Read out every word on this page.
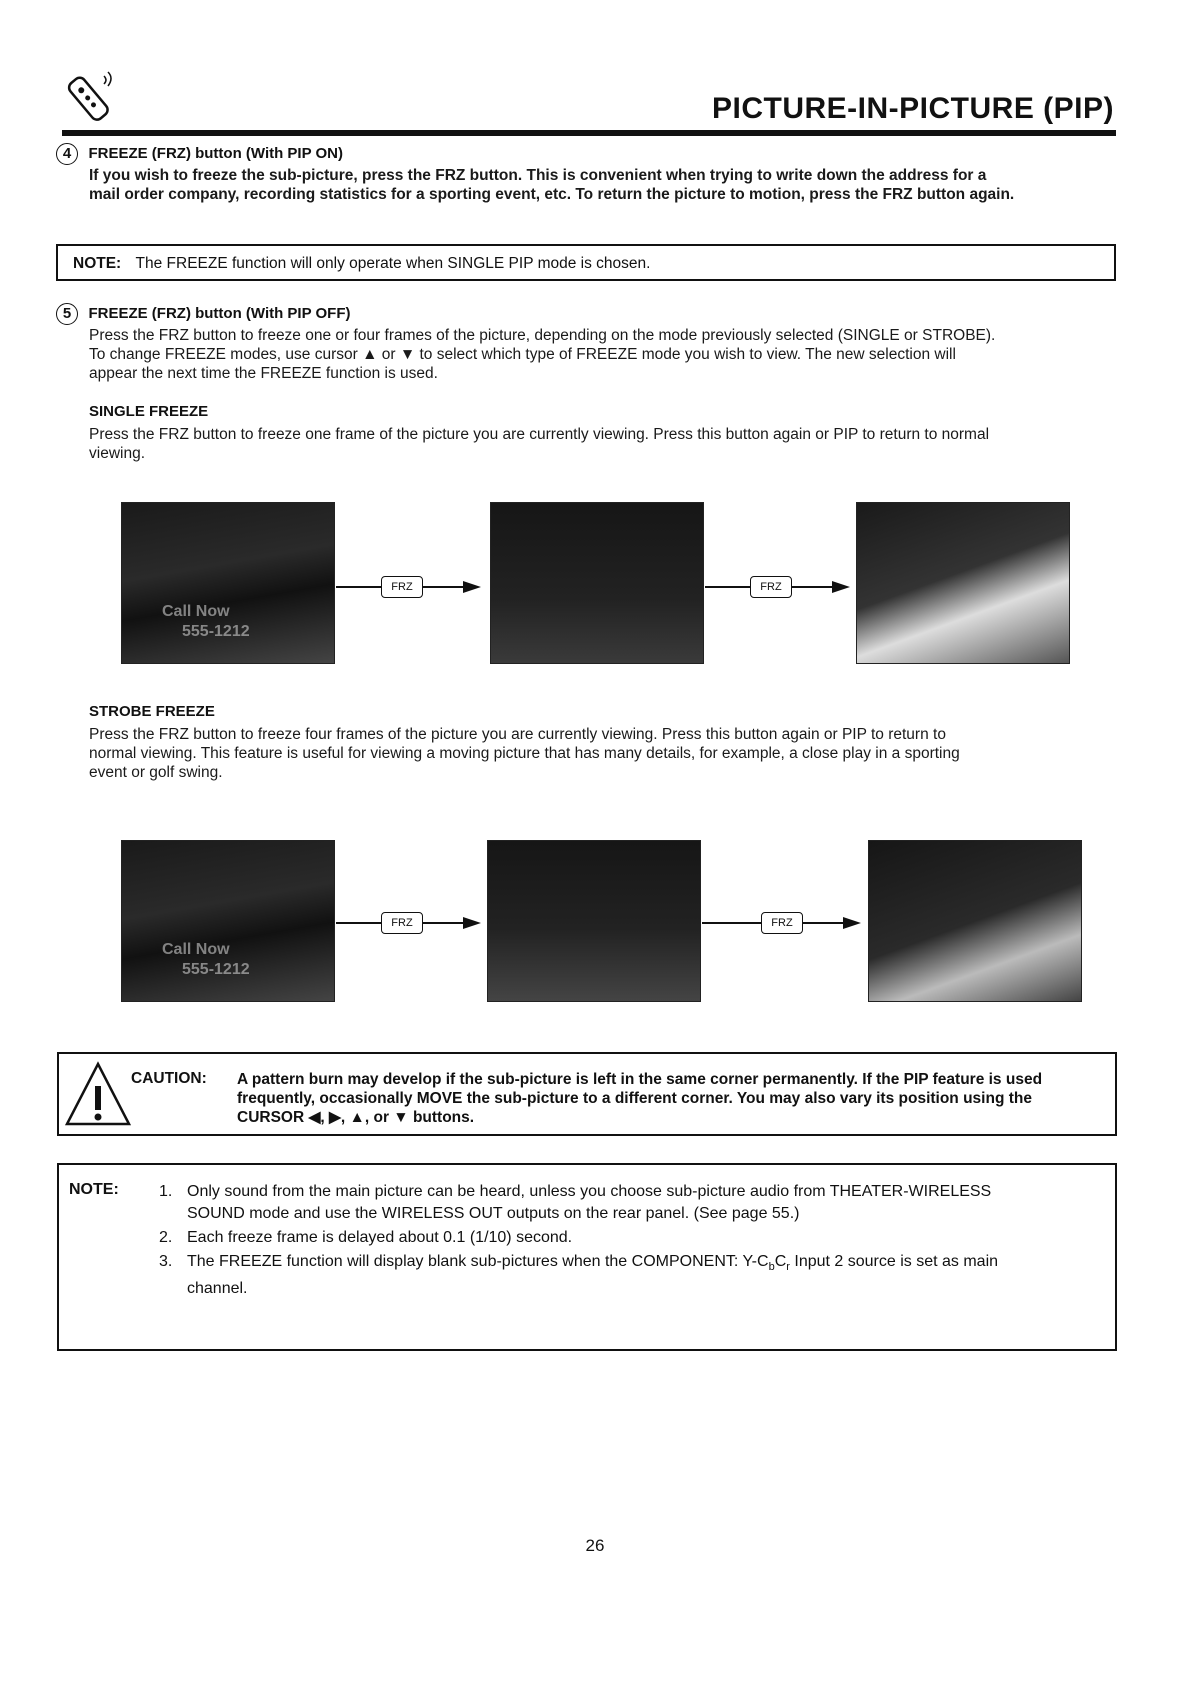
PICTURE-IN-PICTURE (PIP)
4 FREEZE (FRZ) button (With PIP ON)
If you wish to freeze the sub-picture, press the FRZ button. This is convenient when trying to write down the address for a
mail order company, recording statistics for a sporting event, etc. To return the picture to motion, press the FRZ button again.
NOTE: The FREEZE function will only operate when SINGLE PIP mode is chosen.
5 FREEZE (FRZ) button (With PIP OFF)
Press the FRZ button to freeze one or four frames of the picture, depending on the mode previously selected (SINGLE or STROBE).
To change FREEZE modes, use cursor ▲ or ▼ to select which type of FREEZE mode you wish to view. The new selection will
appear the next time the FREEZE function is used.
SINGLE FREEZE
Press the FRZ button to freeze one frame of the picture you are currently viewing. Press this button again or PIP to return to normal
viewing.
Call Now
555-1212
FRZ	FRZ
STROBE FREEZE
Press the FRZ button to freeze four frames of the picture you are currently viewing. Press this button again or PIP to return to
normal viewing. This feature is useful for viewing a moving picture that has many details, for example, a close play in a sporting
event or golf swing.
Call Now
555-1212
FRZ	FRZ
CAUTION: A pattern burn may develop if the sub-picture is left in the same corner permanently. If the PIP feature is used
frequently, occasionally MOVE the sub-picture to a different corner. You may also vary its position using the
CURSOR ◀, ▶, ▲, or ▼ buttons.
NOTE:	1. Only sound from the main picture can be heard, unless you choose sub-picture audio from THEATER-WIRELESS
SOUND mode and use the WIRELESS OUT outputs on the rear panel. (See page 55.)
2. Each freeze frame is delayed about 0.1 (1/10) second.
3. The FREEZE function will display blank sub-pictures when the COMPONENT: $Y-C_bC_r$ Input 2 source is set as main
channel.
26
